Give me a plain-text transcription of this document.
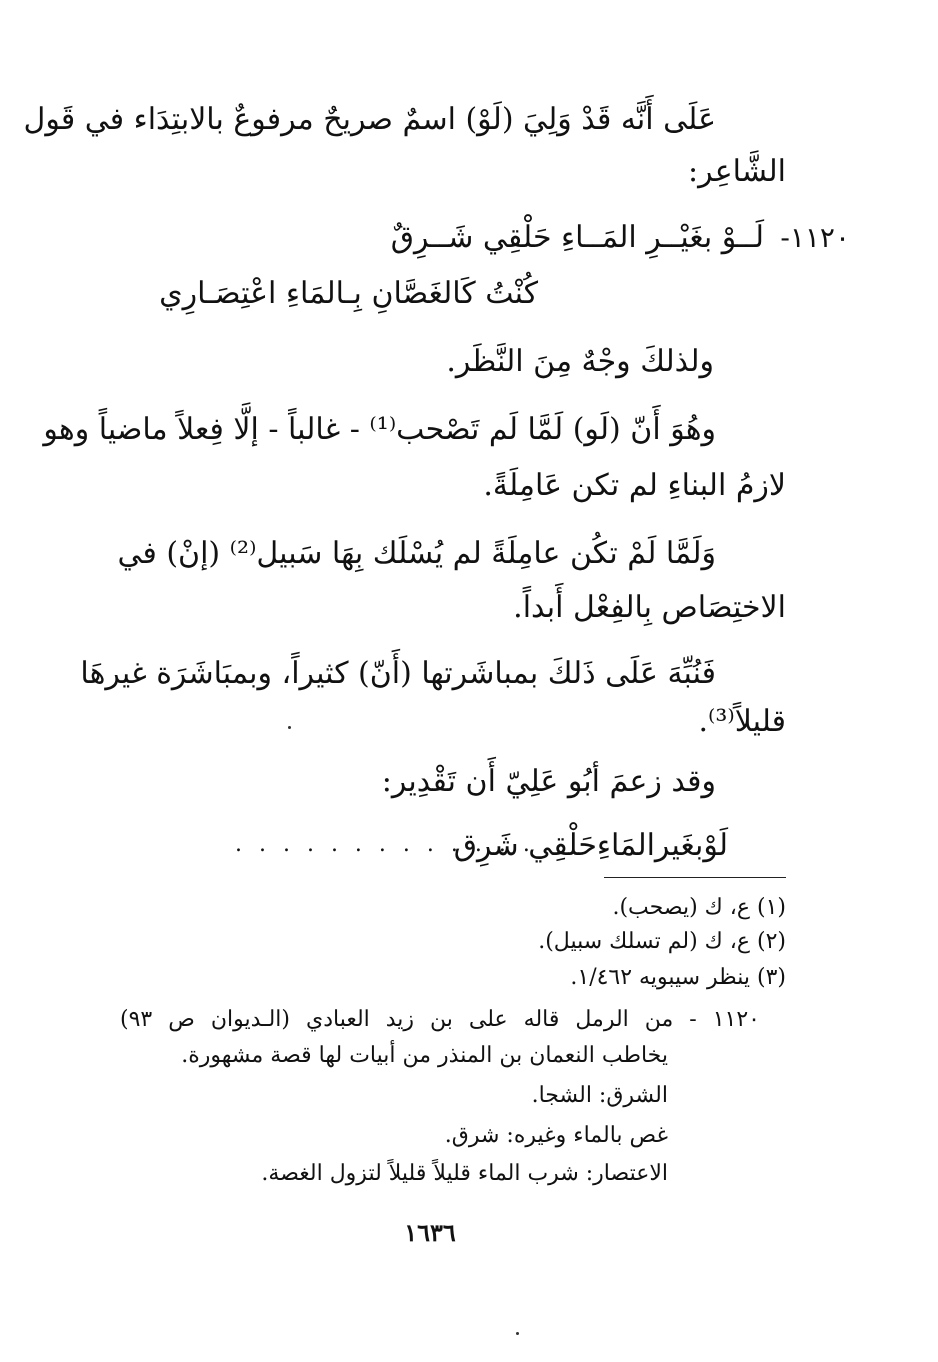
عَلَى أَنَّه قَدْ وَلِيَ (لَوْ) اسمٌ صريحٌ مرفوعٌ بالابتِدَاء في قَول
الشَّاعِر:
١١٢٠-
لَــوْ بغَيْــرِ المَــاءِ حَلْقِي شَــرِقٌ
كُنْتُ كَالغَصَّانِ بِـالمَاءِ اعْتِصَـارِي
ولذلكَ وجْهٌ مِنَ النَّظَر.
وهُوَ أَنّ (لَو) لَمَّا لَم تَصْحب⁽¹⁾ - غالباً - إلَّا فِعلاً ماضياً وهو
لازمُ البناءِ لم تكن عَامِلَةً.
وَلَمَّا لَمْ تكُن عامِلَةً لم يُسْلَك بِهَا سَبيل⁽²⁾ (إنْ) في
الاختِصَاص بِالفِعْل أَبداً.
فَنُبِّهَ عَلَى ذَلكَ بمباشَرتها (أَنّ) كثيراً، وبمبَاشَرَة غيرهَا
قليلاً⁽³⁾.
وقد زعمَ أبُو عَلِيّ أَن تَقْدِير:
لَوْبغَيرالمَاءِحَلْقِي شَرِق
. . . . . . . . . . . . .
(١) ع، ك (يصحب).
(٢) ع، ك (لم تسلك سبيل).
(٣) ينظر سيبويه ١/٤٦٢.
١١٢٠ - من الرمل قاله على بن زيد العبادي (الـديوان ص ٩٣)
يخاطب النعمان بن المنذر من أبيات لها قصة مشهورة.
الشرق: الشجا.
غص بالماء وغيره: شرق.
الاعتصار: شرب الماء قليلاً قليلاً لتزول الغصة.
١٦٣٦
